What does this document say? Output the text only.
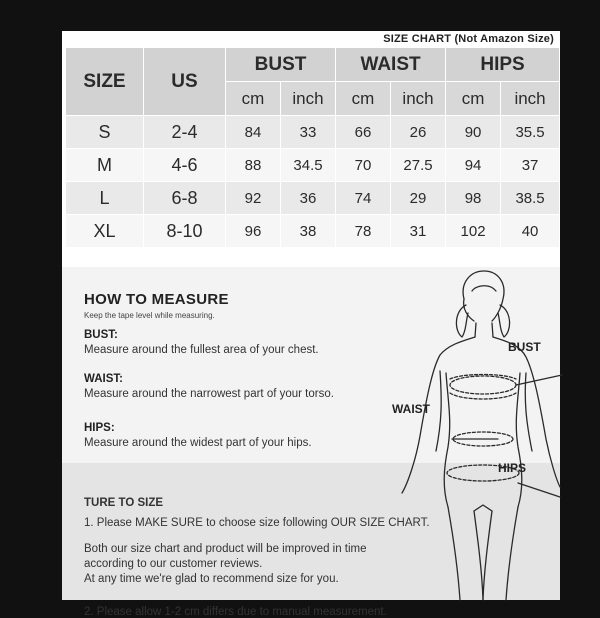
SIZE CHART (Not Amazon Size)
SIZE	US	BUST		WAIST		HIPS	
		cm	inch	cm	inch	cm	inch
S	2-4	84	33	66	26	90	35.5
M	4-6	88	34.5	70	27.5	94	37
L	6-8	92	36	74	29	98	38.5
XL	8-10	96	38	78	31	102	40
HOW TO MEASURE
Keep the tape level while measuring.
BUST:
Measure around the fullest area of your chest.
WAIST:
Measure around the narrowest part of your torso.
HIPS:
Measure around the widest part of your hips.
TURE TO SIZE
1. Please MAKE SURE to choose size following OUR SIZE CHART.
Both our size chart and product will be improved in time
according to our customer reviews.
At any time we're glad to recommend size for you.
2. Please allow 1-2 cm differs due to manual measurement.
BUST
WAIST
HIPS
